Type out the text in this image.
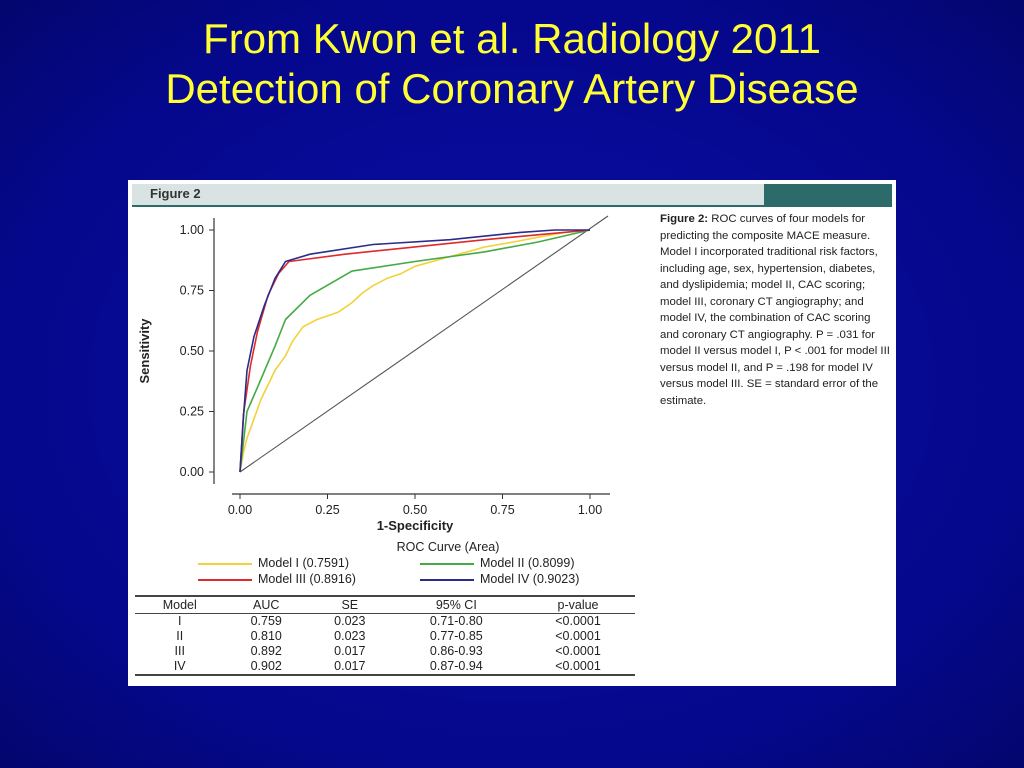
From Kwon et al. Radiology 2011
Detection of Coronary Artery Disease
Figure 2
0.00
0.25
0.50
0.75
1.00
0.00	0.25	0.50	0.75	1.00
1-Specificity
Sensitivity
Figure 2: ROC curves of four models for predicting the composite MACE measure. Model I incorporated traditional risk factors, including age, sex, hypertension, diabetes, and dyslipidemia; model II, CAC scoring; model III, coronary CT angiography; and model IV, the combination of CAC scoring and coronary CT angiography. P = .031 for model II versus model I, P < .001 for model III versus model II, and P = .198 for model IV versus model III. SE = standard error of the estimate.
ROC Curve (Area)
Model I (0.7591)	Model II (0.8099)
Model III (0.8916)	Model IV (0.9023)
Model	AUC	SE	95% CI	p-value
I	0.759	0.023	0.71-0.80	<0.0001
II	0.810	0.023	0.77-0.85	<0.0001
III	0.892	0.017	0.86-0.93	<0.0001
IV	0.902	0.017	0.87-0.94	<0.0001
